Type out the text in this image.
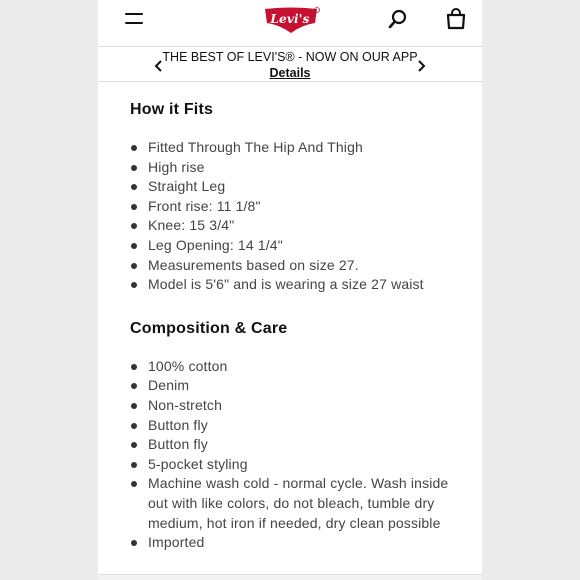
Levi's
THE BEST OF LEVI'S® - NOW ON OUR APP
Details
How it Fits
Fitted Through The Hip And Thigh
High rise
Straight Leg
Front rise: 11 1/8"
Knee: 15 3/4"
Leg Opening: 14 1/4"
Measurements based on size 27.
Model is 5'6" and is wearing a size 27 waist
Composition & Care
100% cotton
Denim
Non-stretch
Button fly
Button fly
5-pocket styling
Machine wash cold - normal cycle. Wash inside out with like colors, do not bleach, tumble dry medium, hot iron if needed, dry clean possible
Imported
